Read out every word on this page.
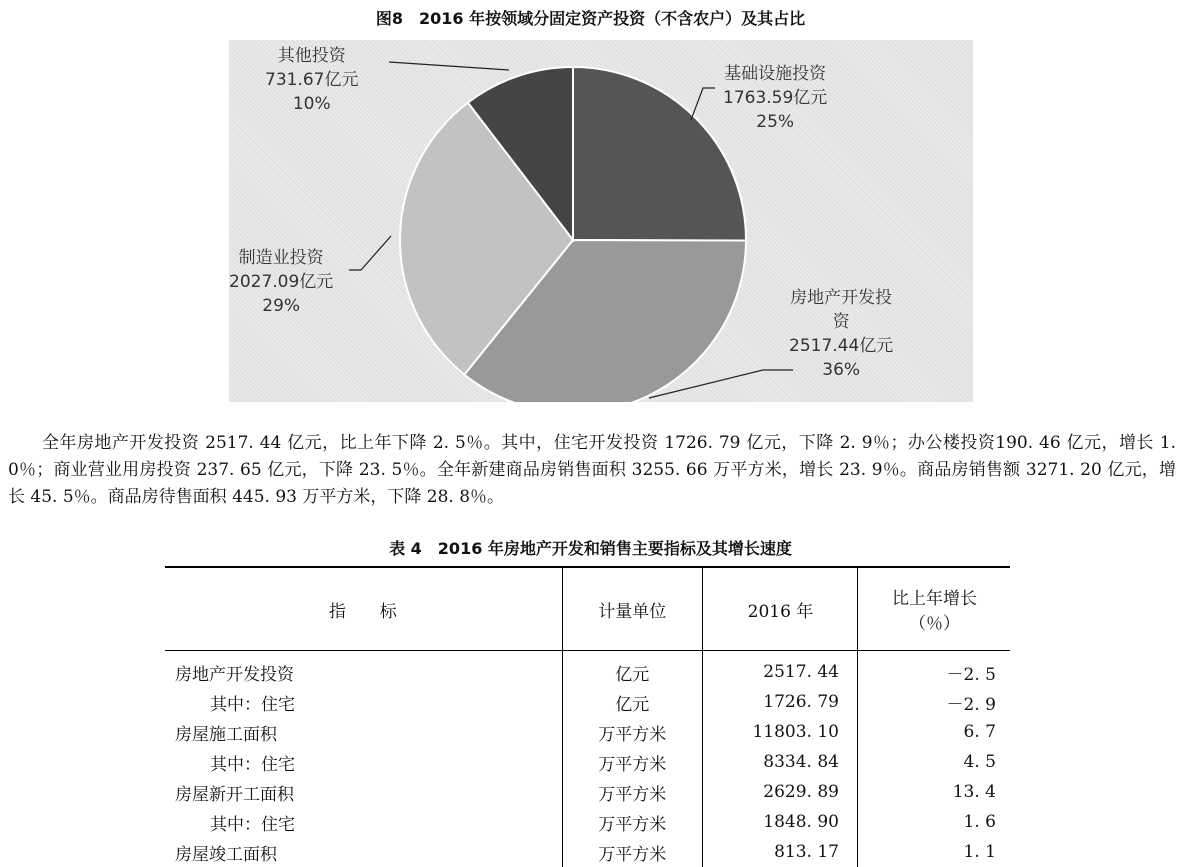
图8　2016 年按领域分固定资产投资（不含农户）及其占比
基础设施投资
1763.59亿元
25%
房地产开发投
资
2517.44亿元
36%
制造业投资
2027.09亿元
29%
其他投资
731.67亿元
10%

全年房地产开发投资 2517. 44 亿元，比上年下降 2. 5％。其中，住宅开发投资 1726. 79 亿元，下降 2. 9％；办公楼投资190. 46 亿元，增长 1. 0％；商业营业用房投资 237. 65 亿元，下降 23. 5％。全年新建商品房销售面积 3255. 66 万平方米，增长 23. 9％。商品房销售额 3271. 20 亿元，增长 45. 5％。商品房待售面积 445. 93 万平方米，下降 28. 8％。

表 4　2016 年房地产开发和销售主要指标及其增长速度
指　　标	计量单位	2016 年	比上年增长
（％）

房地产开发投资	亿元	2517. 44	－2. 5
其中：住宅	亿元	1726. 79	－2. 9
房屋施工面积	万平方米	11803. 10	6. 7
其中：住宅	万平方米	8334. 84	4. 5
房屋新开工面积	万平方米	2629. 89	13. 4
其中：住宅	万平方米	1848. 90	1. 6
房屋竣工面积	万平方米	813. 17	1. 1
